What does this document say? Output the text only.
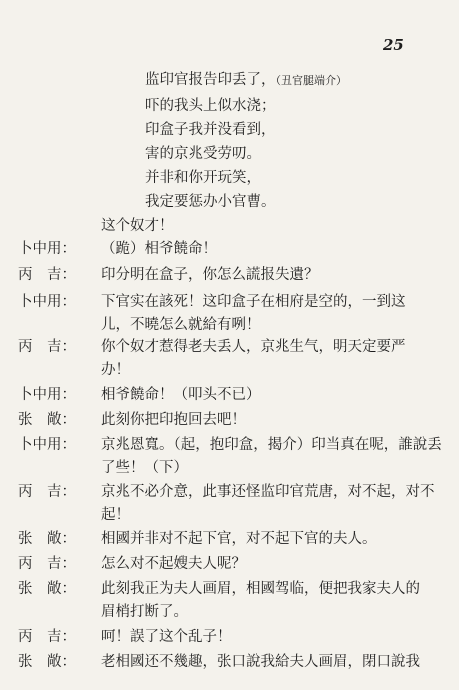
25
监印官报告印丢了，（丑官腿端介）
吓的我头上似水浇；
印盒子我并没看到，
害的京兆受劳叨。
并非和你开玩笑，
我定要惩办小官曹。
这个奴才！
卜中用：	（跪）相爷饒命！
丙　吉：	印分明在盒子，你怎么謊报失遺？
卜中用：	下官实在該死！这印盒子在相府是空的，一到这
儿，不曉怎么就給有咧！
丙　吉：	你个奴才惹得老夫丢人，京兆生气，明天定要严
办！
卜中用：	相爷饒命！（叩头不已）
张　敞：	此刻你把印抱回去吧！
卜中用：	京兆恩寬。（起，抱印盒，揭介）印当真在呢，誰說丢
了些！（下）
丙　吉：	京兆不必介意，此事还怪监印官荒唐，对不起，对不
起！
张　敞：	相國并非对不起下官，对不起下官的夫人。
丙　吉：	怎么对不起嫂夫人呢？
张　敞：	此刻我正为夫人画眉，相國驾临，便把我家夫人的
眉梢打断了。
丙　吉：	呵！誤了这个乱子！
张　敞：	老相國还不幾趣，张口說我給夫人画眉，閉口說我
